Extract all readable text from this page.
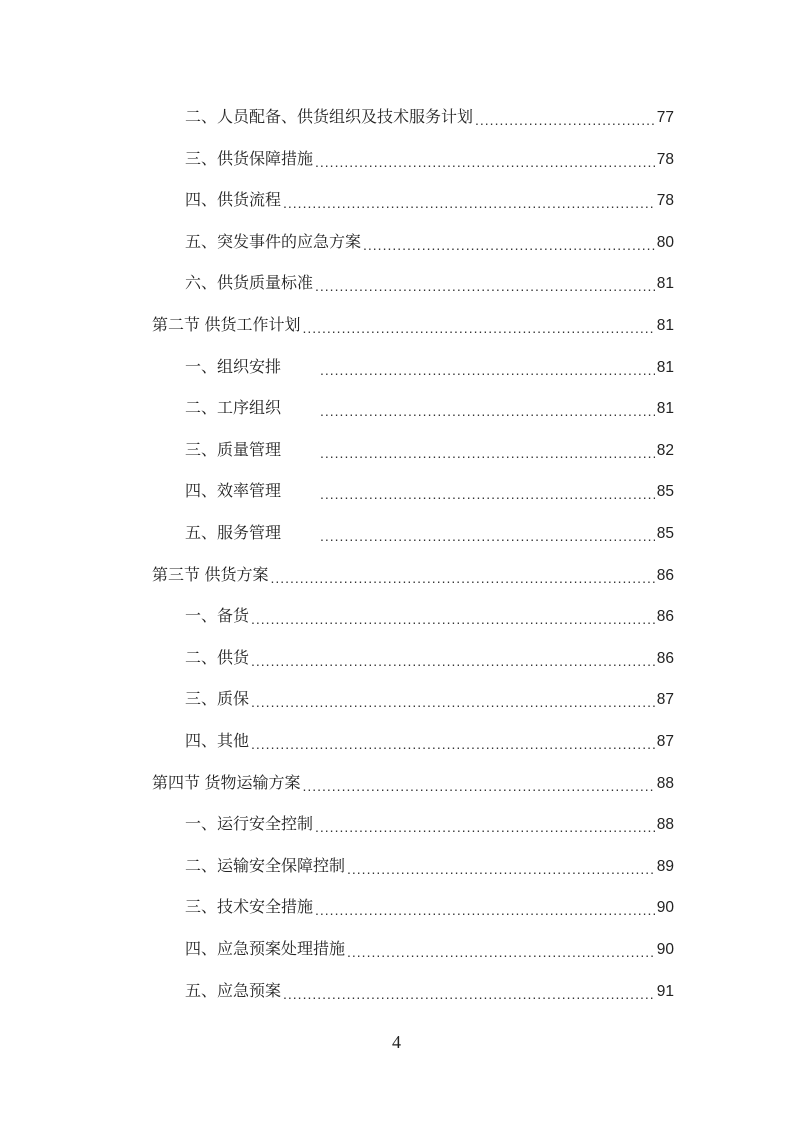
二、人员配备、供货组织及技术服务计划 .....	77
三、供货保障措施 .....	78
四、供货流程 .....	78
五、突发事件的应急方案 .....	80
六、供货质量标准 .....	81
第二节 供货工作计划 .....	81
一、组织安排 .....	81
二、工序组织 .....	81
三、质量管理 .....	82
四、效率管理 .....	85
五、服务管理 .....	85
第三节 供货方案 .....	86
一、备货 .....	86
二、供货 .....	86
三、质保 .....	87
四、其他 .....	87
第四节 货物运输方案 .....	88
一、运行安全控制 .....	88
二、运输安全保障控制 .....	89
三、技术安全措施 .....	90
四、应急预案处理措施 .....	90
五、应急预案 .....	91
4
